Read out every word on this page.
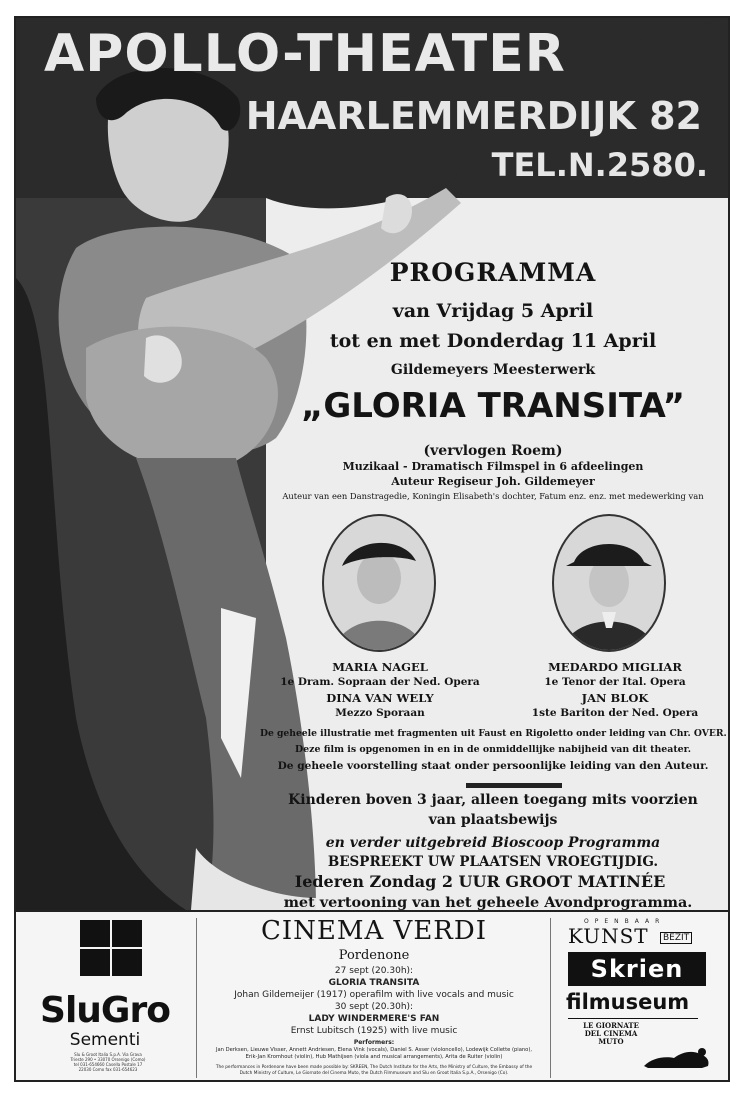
APOLLO-THEATER
HAARLEMMERDIJK 82
TEL.N.2580.
PROGRAMMA
van Vrijdag 5 April
tot en met Donderdag 11 April
Gildemeyers Meesterwerk
„GLORIA TRANSITA”
(vervlogen Roem)
Muzikaal - Dramatisch Filmspel in 6 afdeelingen
Auteur Regiseur Joh. Gildemeyer
Auteur van een Danstragedie, Koningin Elisabeth's dochter, Fatum enz. enz. met medewerking van
MARIA NAGEL
1e Dram. Sopraan der Ned. Opera
DINA VAN WELY
Mezzo Sporaan
MEDARDO MIGLIAR
1e Tenor der Ital. Opera
JAN BLOK
1ste Bariton der Ned. Opera
De geheele illustratie met fragmenten uit Faust en Rigoletto onder leiding van Chr. OVER.
Deze film is opgenomen in en in de onmiddellijke nabijheid van dit theater.
De geheele voorstelling staat onder persoonlijke leiding van den Auteur.
Kinderen boven 3 jaar, alleen toegang mits voorzien
van plaatsbewijs
en verder uitgebreid Bioscoop Programma
BESPREEKT UW PLAATSEN VROEGTIJDIG.
Iederen Zondag 2 UUR GROOT MATINÉE
met vertooning van het geheele Avondprogramma.
SluGro
Sementi
Slu & Groot Italia S.p.A. Via Grava Trieste 290 • 33070 Orsenigo (Como) tel 031-654660 Casella Postale 17 22030 Como fax 031-654623
CINEMA VERDI
Pordenone
27 sept (20.30h):
GLORIA TRANSITA
Johan Gildemeijer (1917) operafilm with live vocals and music
30 sept (20.30h):
LADY WINDERMERE'S FAN
Ernst Lubitsch (1925) with live music
Performers:
Jan Derksen, Lieuwe Visser, Annett Andriesen, Elena Vink (vocals), Daniel S. Asser (violoncello), Lodewijk Collette (piano),
Erik-Jan Kromhout (violin), Hub Mathijsen (viola and musical arrangements), Arita de Ruiter (violin)
The performances in Pordenone have been made possible by: SKREEN, The Dutch Institute for the Arts, the Ministry of Culture, the Embassy of the
Dutch Ministry of Culture, Le Giornate del Cinema Muto, the Dutch Filmmuseum and Slu en Groot Italia S.p.A., Orsenigo (Co).
OPENBAAR
KUNST	BEZIT
Skrien
filmuseum
LE GIORNATE
DEL CINEMA
MUTO
